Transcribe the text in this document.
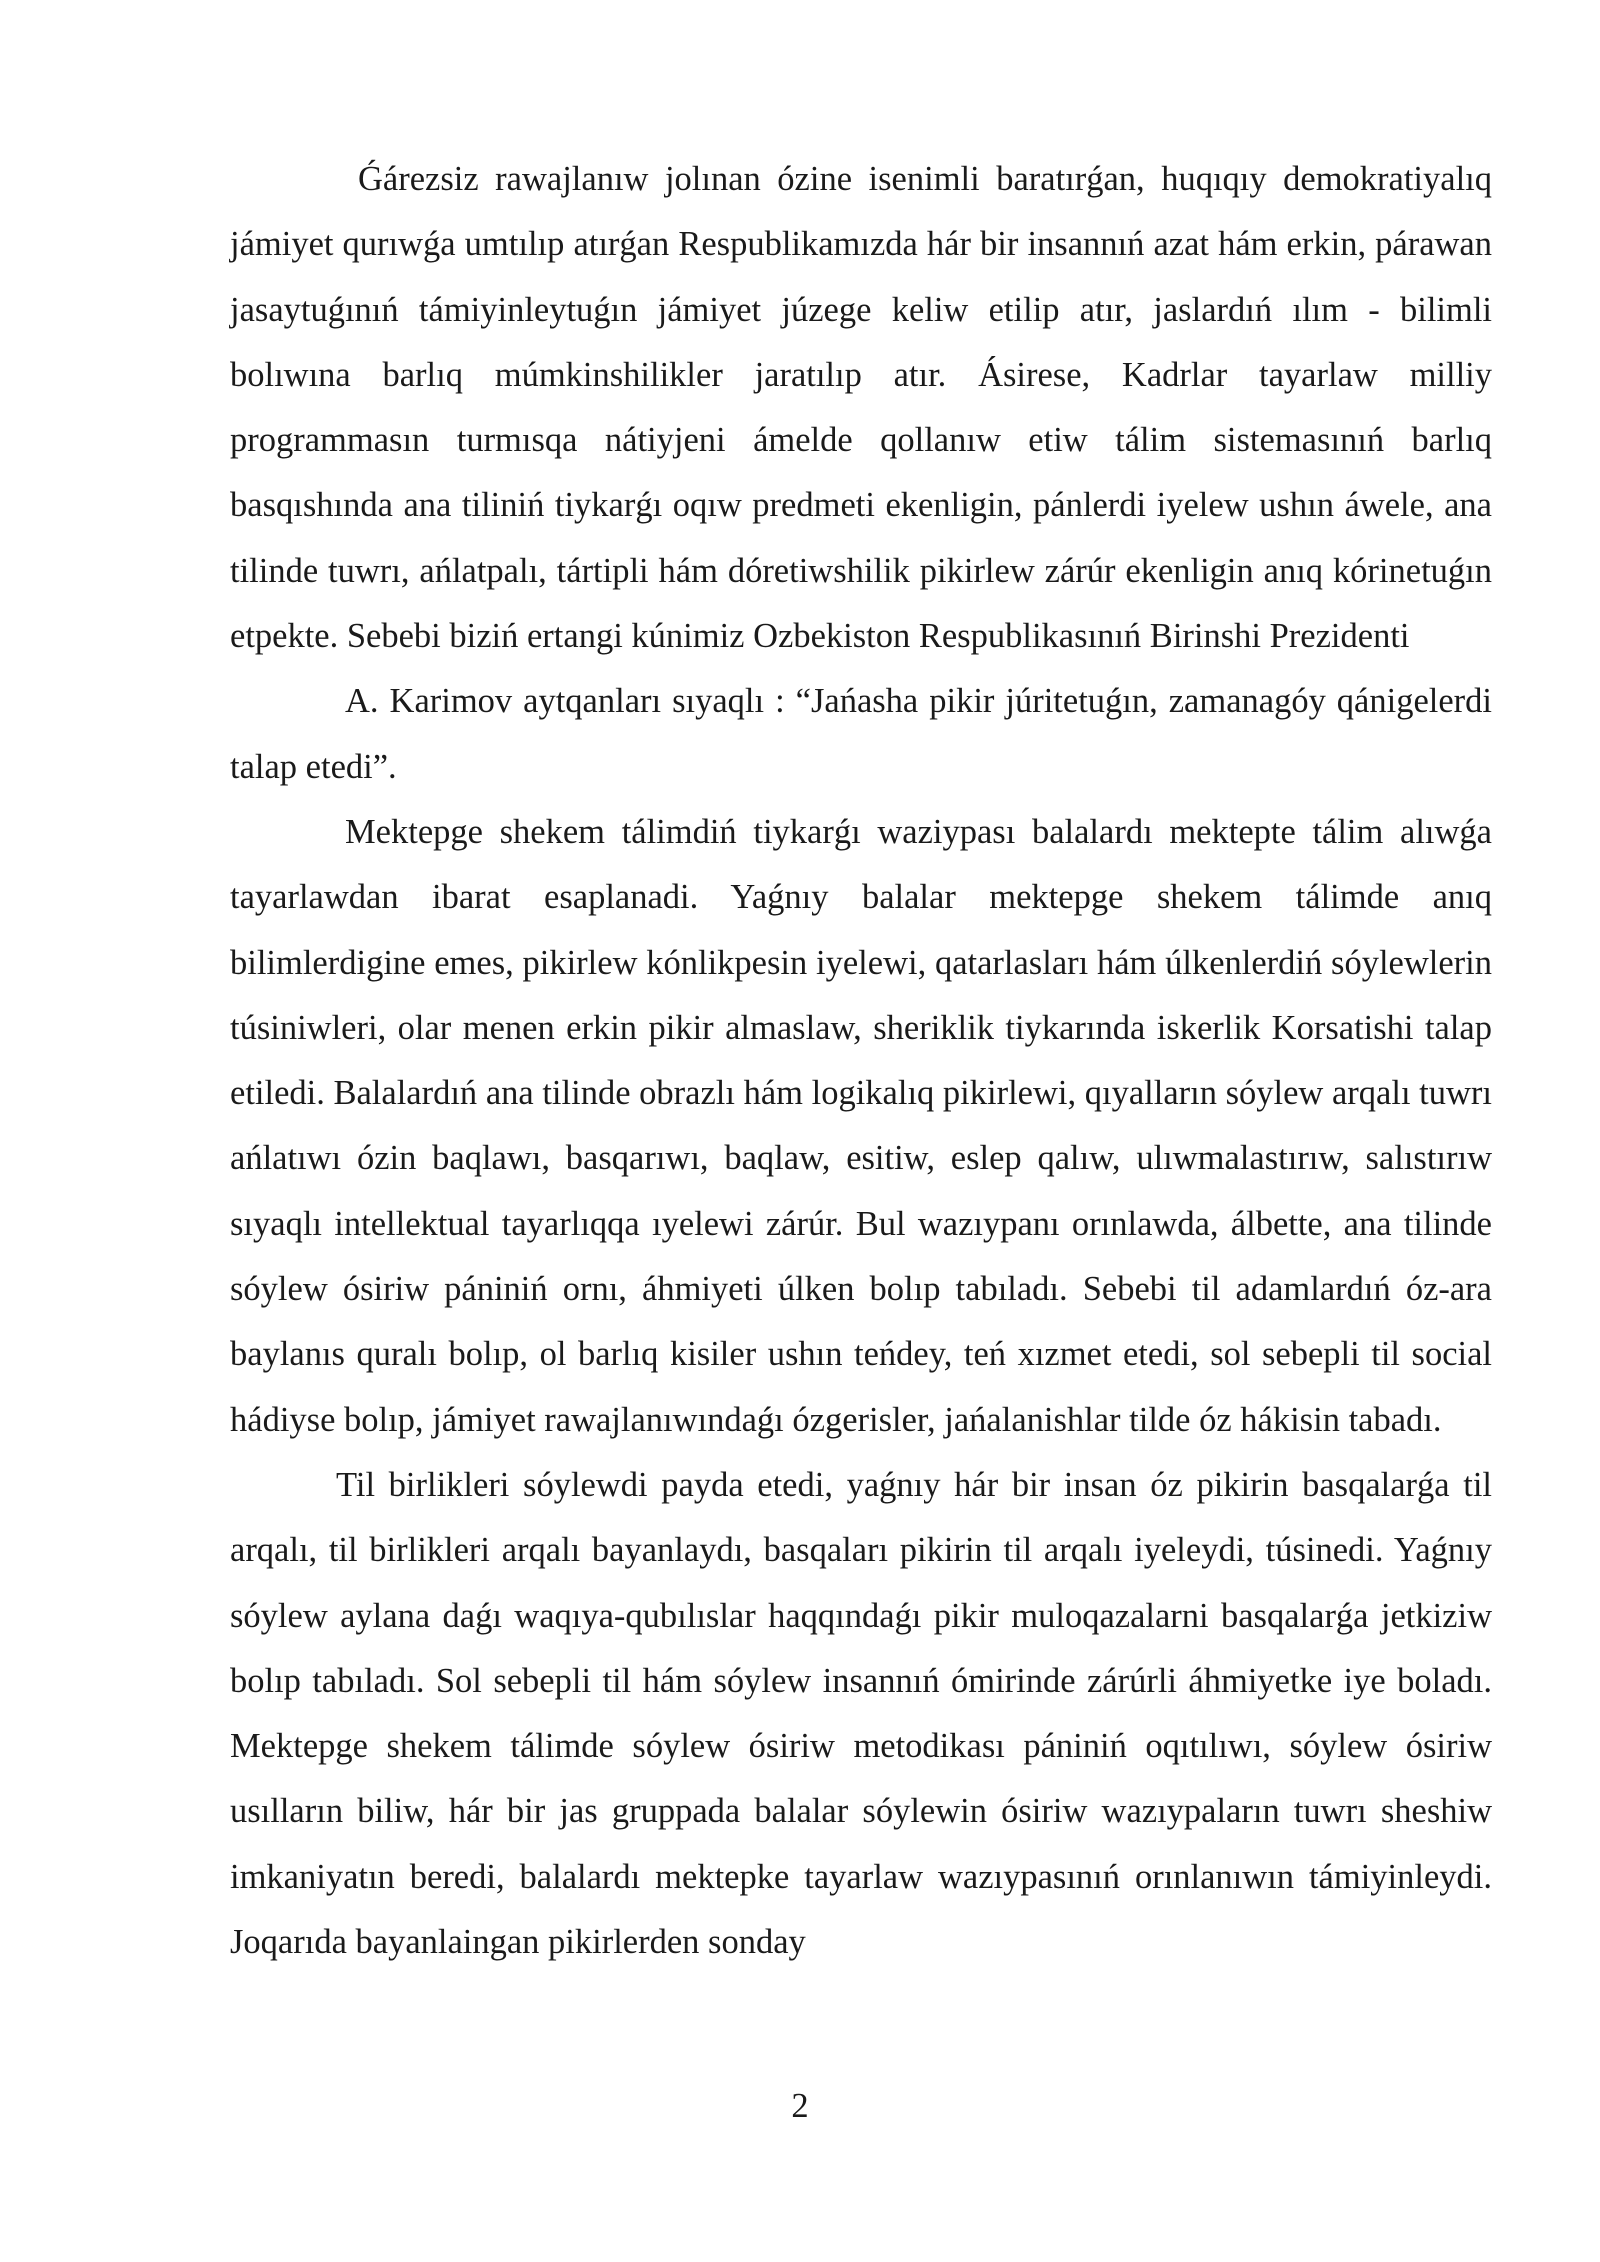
Ǵárezsiz rawajlanıw jolınan ózine isenimli baratırǵan, huqıqıy demokratiyalıq jámiyet qurıwǵa umtılıp atırǵan Respublikamızda hár bir insannıń azat hám erkin, párawan jasaytuǵınıń támiyinleytuǵın jámiyet júzege keliw etilip atır, jaslardıń ılım - bilimli bolıwına barlıq múmkinshilikler jaratılıp atır. Ásirese, Kadrlar tayarlaw milliy programmasın turmısqa nátiyjeni ámelde qollanıw etiw tálim sistemasınıń barlıq basqıshında ana tiliniń tiykarǵı oqıw predmeti ekenligin, pánlerdi iyelew ushın áwele, ana tilinde tuwrı, ańlatpalı, tártipli hám dóretiwshilik pikirlew zárúr ekenligin anıq kórinetuǵın etpekte. Sebebi biziń ertangi kúnimiz Ozbekiston Respublikasınıń Birinshi Prezidenti

A. Karimov aytqanları sıyaqlı : “Jańasha pikir júritetuǵın, zamanagóy qánigelerdi talap etedi”.

Mektepge shekem tálimdiń tiykarǵı waziypası balalardı mektepte tálim alıwǵa tayarlawdan ibarat esaplanadi. Yaǵnıy balalar mektepge shekem tálimde anıq bilimlerdigine emes, pikirlew kónlikpesin iyelewi, qatarlasları hám úlkenlerdiń sóylewlerin túsiniwleri, olar menen erkin pikir almaslaw, sheriklik tiykarında iskerlik Korsatishi talap etiledi. Balalardıń ana tilinde obrazlı hám logikalıq pikirlewi, qıyalların sóylew arqalı tuwrı ańlatıwı ózin baqlawı, basqarıwı, baqlaw, esitiw, eslep qalıw, ulıwmalastırıw, salıstırıw sıyaqlı intellektual tayarlıqqa ıyelewi zárúr. Bul wazıypanı orınlawda, álbette, ana tilinde sóylew ósiriw pániniń ornı, áhmiyeti úlken bolıp tabıladı. Sebebi til adamlardıń óz-ara baylanıs quralı bolıp, ol barlıq kisiler ushın teńdey, teń xızmet etedi, sol sebepli til social hádiyse bolıp, jámiyet rawajlanıwındaǵı ózgerisler, jańalanishlar tilde óz hákisin tabadı.

Til birlikleri sóylewdi payda etedi, yaǵnıy hár bir insan óz pikirin basqalarǵa til arqalı, til birlikleri arqalı bayanlaydı, basqaları pikirin til arqalı iyeleydi, túsinedi. Yaǵnıy sóylew aylana daǵı waqıya-qubılıslar haqqındaǵı pikir muloqazalarni basqalarǵa jetkiziw bolıp tabıladı. Sol sebepli til hám sóylew insannıń ómirinde zárúrli áhmiyetke iye boladı. Mektepge shekem tálimde sóylew ósiriw metodikası pániniń oqıtılıwı, sóylew ósiriw usılların biliw, hár bir jas gruppada balalar sóylewin ósiriw wazıypaların tuwrı sheshiw imkaniyatın beredi, balalardı mektepke tayarlaw wazıypasınıń orınlanıwın támiyinleydi. Joqarıda bayanlaingan pikirlerden sonday

2
